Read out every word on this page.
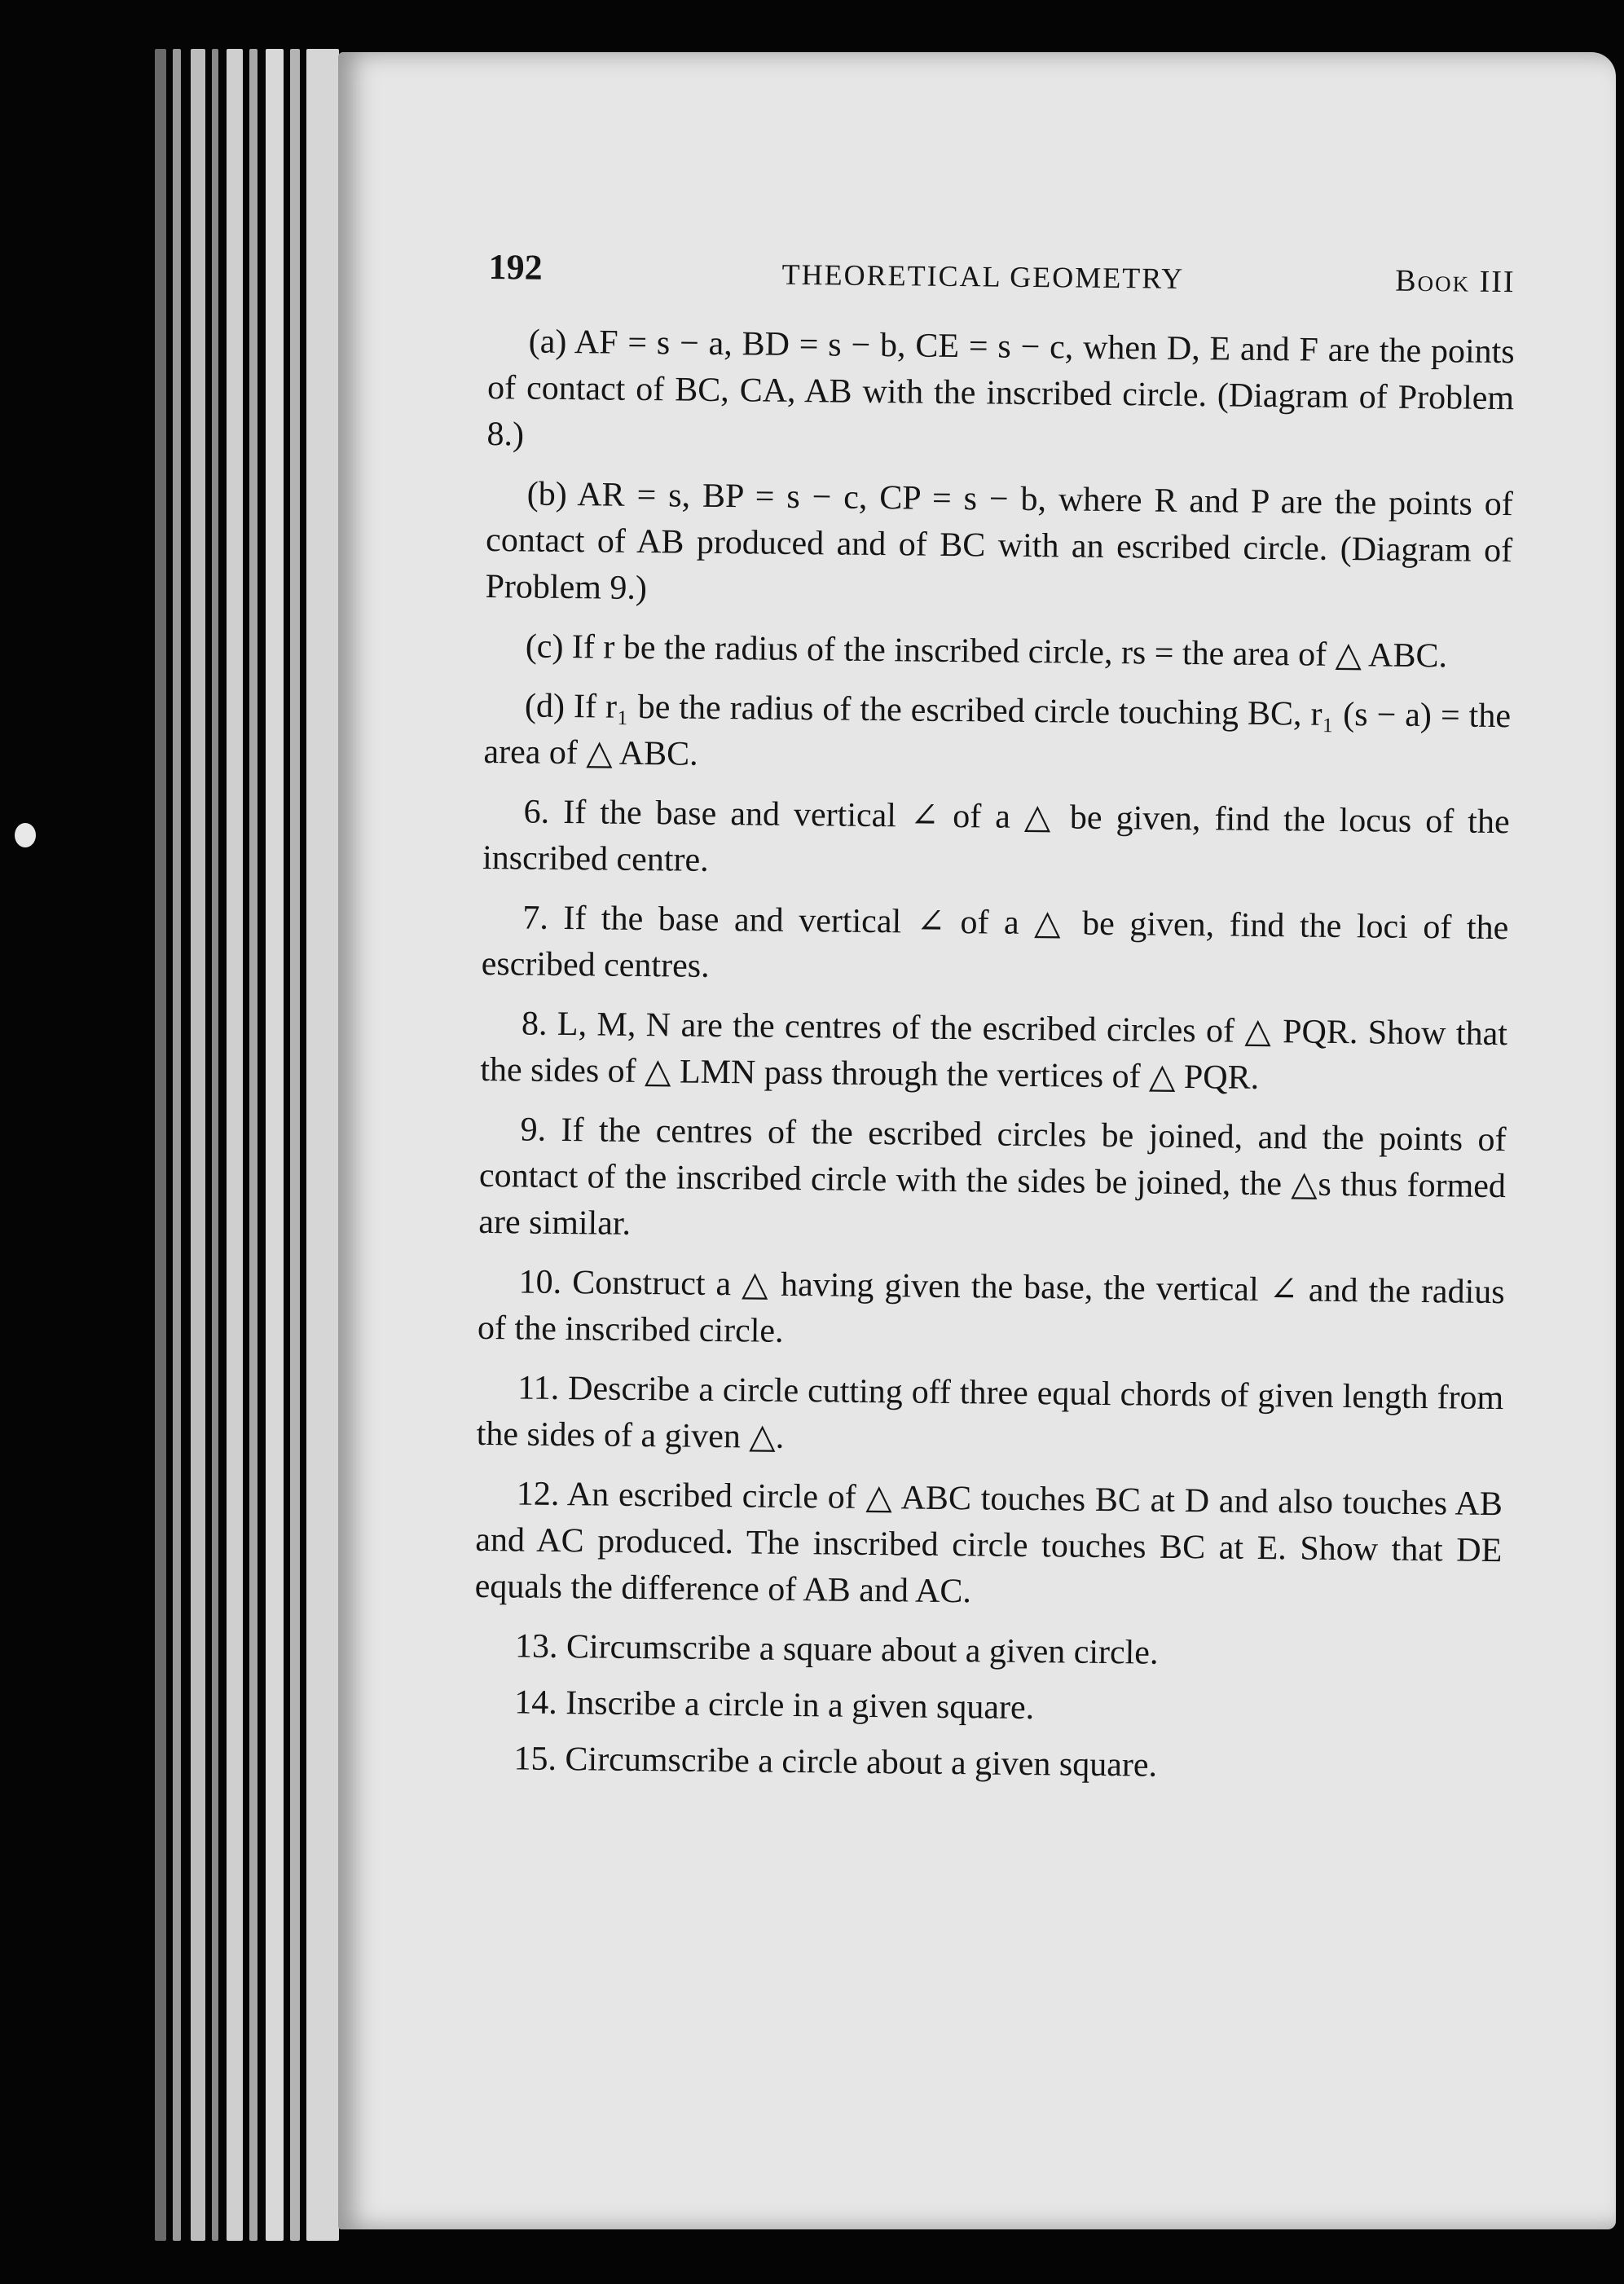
192	THEORETICAL GEOMETRY	Book III

(a) AF = s − a, BD = s − b, CE = s − c, when D, E and F are the points of contact of BC, CA, AB with the inscribed circle. (Diagram of Problem 8.)

(b) AR = s, BP = s − c, CP = s − b, where R and P are the points of contact of AB produced and of BC with an escribed circle. (Diagram of Problem 9.)

(c) If r be the radius of the inscribed circle, rs = the area of △ ABC.

(d) If r₁ be the radius of the escribed circle touching BC, r₁ (s − a) = the area of △ ABC.

6. If the base and vertical ∠ of a △ be given, find the locus of the inscribed centre.

7. If the base and vertical ∠ of a △ be given, find the loci of the escribed centres.

8. L, M, N are the centres of the escribed circles of △ PQR. Show that the sides of △ LMN pass through the vertices of △ PQR.

9. If the centres of the escribed circles be joined, and the points of contact of the inscribed circle with the sides be joined, the △s thus formed are similar.

10. Construct a △ having given the base, the vertical ∠ and the radius of the inscribed circle.

11. Describe a circle cutting off three equal chords of given length from the sides of a given △.

12. An escribed circle of △ ABC touches BC at D and also touches AB and AC produced. The inscribed circle touches BC at E. Show that DE equals the difference of AB and AC.

13. Circumscribe a square about a given circle.

14. Inscribe a circle in a given square.

15. Circumscribe a circle about a given square.
